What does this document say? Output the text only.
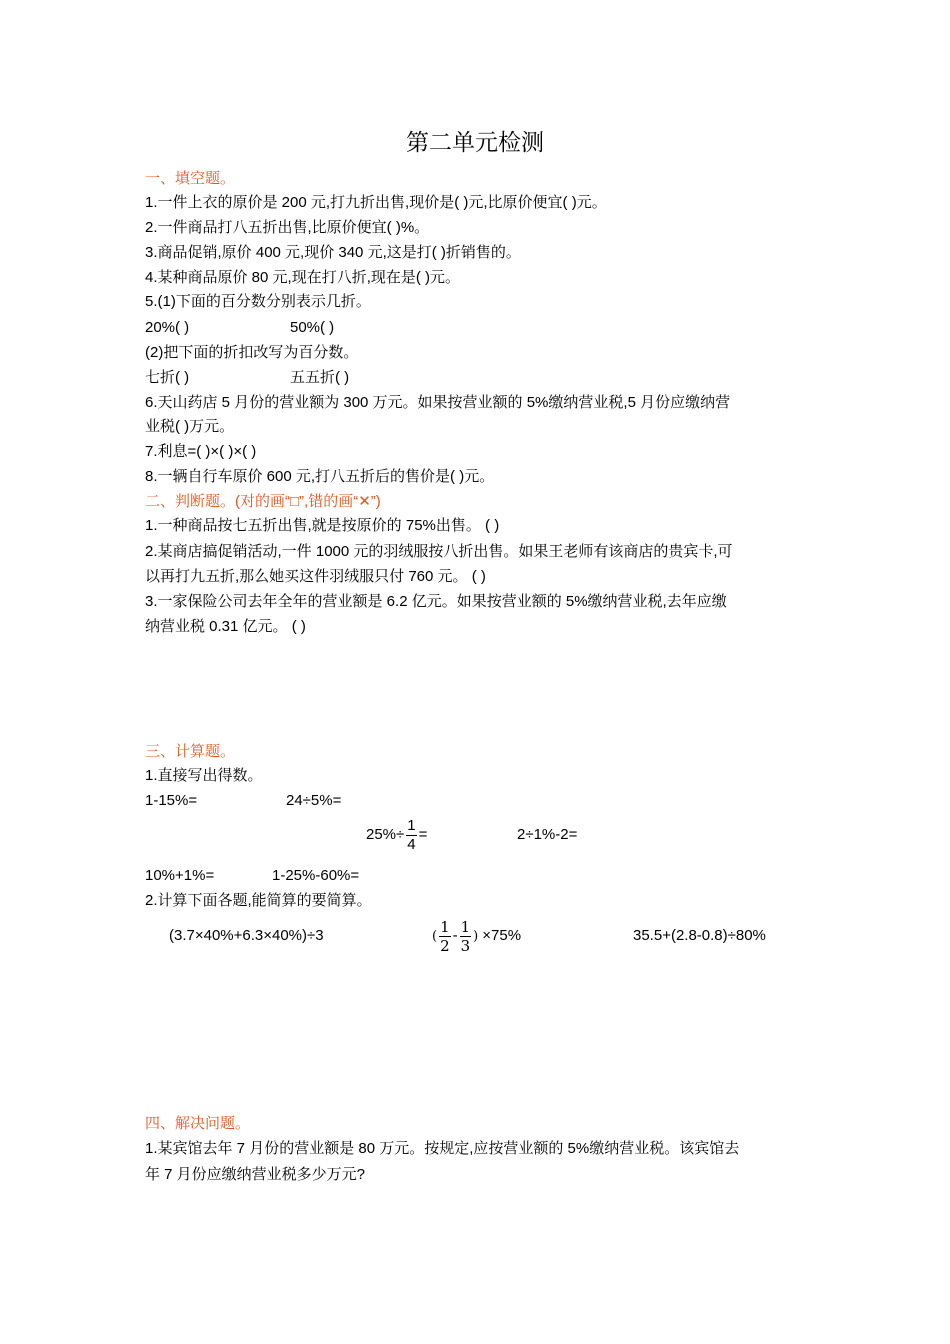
第二单元检测
一、填空题。
1.一件上衣的原价是 200 元,打九折出售,现价是( )元,比原价便宜( )元。
2.一件商品打八五折出售,比原价便宜( )%。
3.商品促销,原价 400 元,现价 340 元,这是打( )折销售的。
4.某种商品原价 80 元,现在打八折,现在是( )元。
5.(1)下面的百分数分别表示几折。
20%( )	50%( )
(2)把下面的折扣改写为百分数。
七折( )	五五折( )
6.天山药店 5 月份的营业额为 300 万元。如果按营业额的 5%缴纳营业税,5 月份应缴纳营
业税( )万元。
7.利息=( )×( )×( )
8.一辆自行车原价 600 元,打八五折后的售价是( )元。
二、判断题。(对的画“□”,错的画“✕”)
1.一种商品按七五折出售,就是按原价的 75%出售。 ( )
2.某商店搞促销活动,一件 1000 元的羽绒服按八折出售。如果王老师有该商店的贵宾卡,可
以再打九五折,那么她买这件羽绒服只付 760 元。 ( )
3.一家保险公司去年全年的营业额是 6.2 亿元。如果按营业额的 5%缴纳营业税,去年应缴
纳营业税 0.31 亿元。 ( )
三、计算题。
1.直接写出得数。
1-15%=	24÷5%=
$25\%\div \frac{1}{4}$ =	2÷1%-2=
10%+1%=	1-25%-60%=
2.计算下面各题,能简算的要简算。
(3.7×40%+6.3×40%)÷3	( $\frac{1}{2} - \frac{1}{3}$ ) ×75%	35.5+(2.8-0.8)÷80%
四、解决问题。
1.某宾馆去年 7 月份的营业额是 80 万元。按规定,应按营业额的 5%缴纳营业税。该宾馆去
年 7 月份应缴纳营业税多少万元?
